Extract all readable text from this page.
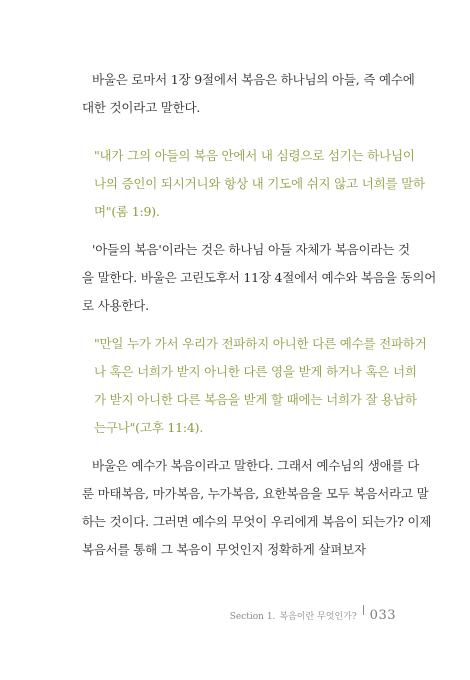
바울은 로마서 1장 9절에서 복음은 하나님의 아들, 즉 예수에
대한 것이라고 말한다.

"내가 그의 아들의 복음 안에서 내 심령으로 섬기는 하나님이
나의 증인이 되시거니와 항상 내 기도에 쉬지 않고 너희를 말하
며"(롬 1:9).

'아들의 복음'이라는 것은 하나님 아들 자체가 복음이라는 것
을 말한다. 바울은 고린도후서 11장 4절에서 예수와 복음을 동의어
로 사용한다.

"만일 누가 가서 우리가 전파하지 아니한 다른 예수를 전파하거
나 혹은 너희가 받지 아니한 다른 영을 받게 하거나 혹은 너희
가 받지 아니한 다른 복음을 받게 할 때에는 너희가 잘 용납하
는구나"(고후 11:4).

바울은 예수가 복음이라고 말한다. 그래서 예수님의 생애를 다
룬 마태복음, 마가복음, 누가복음, 요한복음을 모두 복음서라고 말
하는 것이다. 그러면 예수의 무엇이 우리에게 복음이 되는가? 이제
복음서를 통해 그 복음이 무엇인지 정확하게 살펴보자

Section 1. 복음이란 무엇인가? 033
